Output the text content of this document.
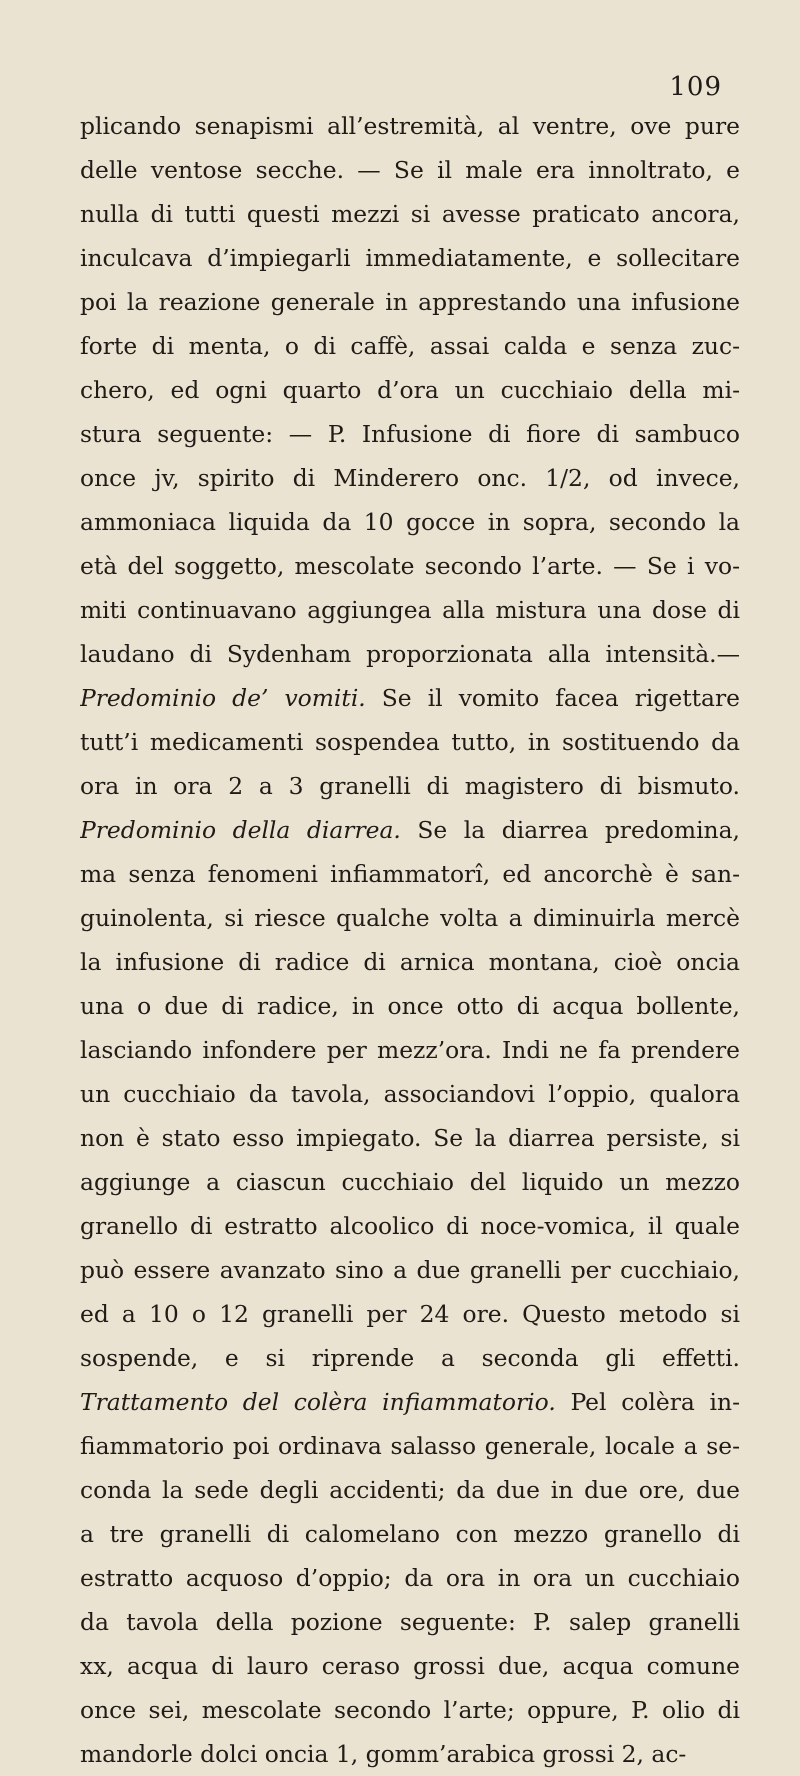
109
plicando senapismi all’estremità, al ventre, ove pure
delle ventose secche. — Se il male era innoltrato, e
nulla di tutti questi mezzi si avesse praticato ancora,
inculcava d’impiegarli immediatamente, e sollecitare
poi la reazione generale in apprestando una infusione
forte di menta, o di caffè, assai calda e senza zuc-
chero, ed ogni quarto d’ora un cucchiaio della mi-
stura seguente: — P. Infusione di fiore di sambuco
once jv, spirito di Minderero onc. 1/2, od invece,
ammoniaca liquida da 10 gocce in sopra, secondo la
età del soggetto, mescolate secondo l’arte. — Se i vo-
miti continuavano aggiungea alla mistura una dose di
laudano di Sydenham proporzionata alla intensità.—
Predominio de’ vomiti. Se il vomito facea rigettare
tutt’i medicamenti sospendea tutto, in sostituendo da
ora in ora 2 a 3 granelli di magistero di bismuto.
Predominio della diarrea. Se la diarrea predomina,
ma senza fenomeni infiammatorî, ed ancorchè è san-
guinolenta, si riesce qualche volta a diminuirla mercè
la infusione di radice di arnica montana, cioè oncia
una o due di radice, in once otto di acqua bollente,
lasciando infondere per mezz’ora. Indi ne fa prendere
un cucchiaio da tavola, associandovi l’oppio, qualora
non è stato esso impiegato. Se la diarrea persiste, si
aggiunge a ciascun cucchiaio del liquido un mezzo
granello di estratto alcoolico di noce-vomica, il quale
può essere avanzato sino a due granelli per cucchiaio,
ed a 10 o 12 granelli per 24 ore. Questo metodo si
sospende, e si riprende a seconda gli effetti.
Trattamento del colèra infiammatorio. Pel colèra in-
fiammatorio poi ordinava salasso generale, locale a se-
conda la sede degli accidenti; da due in due ore, due
a tre granelli di calomelano con mezzo granello di
estratto acquoso d’oppio; da ora in ora un cucchiaio
da tavola della pozione seguente: P. salep granelli
xx, acqua di lauro ceraso grossi due, acqua comune
once sei, mescolate secondo l’arte; oppure, P. olio di
mandorle dolci oncia 1, gomm’arabica grossi 2, ac-
